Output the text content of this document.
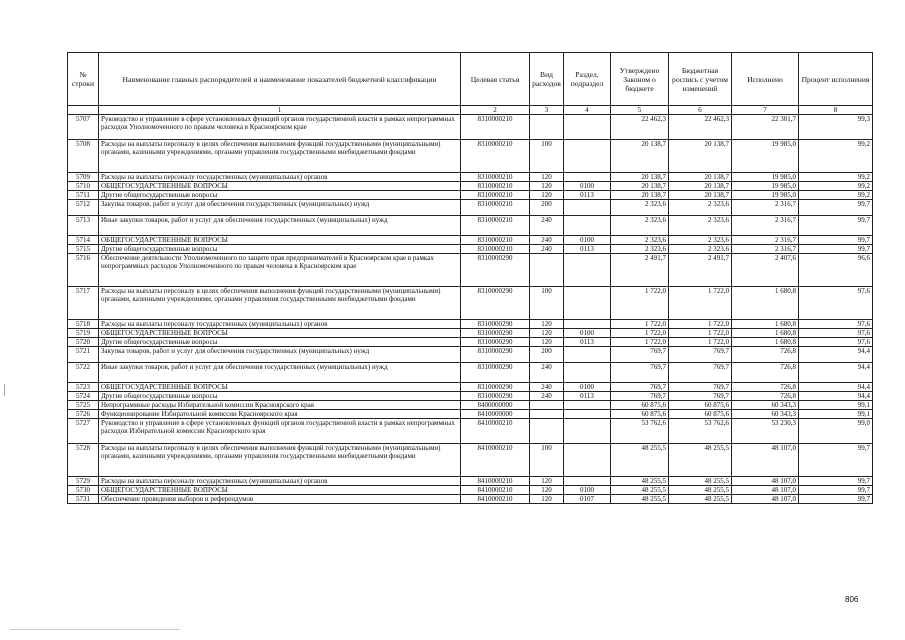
№ строки	Наименование главных распорядителей и наименование показателей бюджетной классификации	Целевая статья	Вид расходов	Раздел, подраздел	Утверждено Законом о бюджете	Бюджетная роспись с учетом изменений	Исполнено	Процент исполнения
	1	2	3	4	5	6	7	8
5707	Руководство и управление в сфере установленных функций органов государственной власти в рамках непрограммных расходов Уполномоченного по правам человека в Красноярском крае	8310000210			22 462,3	22 462,3	22 301,7	99,3
5708	Расходы на выплаты персоналу в целях обеспечения выполнения функций государственными (муниципальными) органами, казенными учреждениями, органами управления государственными внебюджетными фондами	8310000210	100		20 138,7	20 138,7	19 985,0	99,2
5709	Расходы на выплаты персоналу государственных (муниципальных) органов	8310000210	120		20 138,7	20 138,7	19 985,0	99,2
5710	ОБЩЕГОСУДАРСТВЕННЫЕ ВОПРОСЫ	8310000210	120	0100	20 138,7	20 138,7	19 985,0	99,2
5711	Другие общегосударственные вопросы	8310000210	120	0113	20 138,7	20 138,7	19 985,0	99,2
5712	Закупка товаров, работ и услуг для обеспечения государственных (муниципальных) нужд	8310000210	200		2 323,6	2 323,6	2 316,7	99,7
5713	Иные закупки товаров, работ и услуг для обеспечения государственных (муниципальных) нужд	8310000210	240		2 323,6	2 323,6	2 316,7	99,7
5714	ОБЩЕГОСУДАРСТВЕННЫЕ ВОПРОСЫ	8310000210	240	0100	2 323,6	2 323,6	2 316,7	99,7
5715	Другие общегосударственные вопросы	8310000210	240	0113	2 323,6	2 323,6	2 316,7	99,7
5716	Обеспечение деятельности Уполномоченного по защите прав предпринимателей в Красноярском крае в рамках непрограммных расходов Уполномоченного по правам человека в Красноярском крае	8310000290			2 491,7	2 491,7	2 407,6	96,6
5717	Расходы на выплаты персоналу в целях обеспечения выполнения функций государственными (муниципальными) органами, казенными учреждениями, органами управления государственными внебюджетными фондами	8310000290	100		1 722,0	1 722,0	1 680,8	97,6
5718	Расходы на выплаты персоналу государственных (муниципальных) органов	8310000290	120		1 722,0	1 722,0	1 680,8	97,6
5719	ОБЩЕГОСУДАРСТВЕННЫЕ ВОПРОСЫ	8310000290	120	0100	1 722,0	1 722,0	1 680,8	97,6
5720	Другие общегосударственные вопросы	8310000290	120	0113	1 722,0	1 722,0	1 680,8	97,6
5721	Закупка товаров, работ и услуг для обеспечения государственных (муниципальных) нужд	8310000290	200		769,7	769,7	726,8	94,4
5722	Иные закупки товаров, работ и услуг для обеспечения государственных (муниципальных) нужд	8310000290	240		769,7	769,7	726,8	94,4
5723	ОБЩЕГОСУДАРСТВЕННЫЕ ВОПРОСЫ	8310000290	240	0100	769,7	769,7	726,8	94,4
5724	Другие общегосударственные вопросы	8310000290	240	0113	769,7	769,7	726,8	94,4
5725	Непрограммные расходы Избирательной комиссии Красноярского края	8400000000			60 875,6	60 875,6	60 343,3	99,1
5726	Функционирование Избирательной комиссии Красноярского края	8410000000			60 875,6	60 875,6	60 343,3	99,1
5727	Руководство и управление в сфере установленных функций органов государственной власти в рамках непрограммных расходов Избирательной комиссии Красноярского края	8410000210			53 762,6	53 762,6	53 230,3	99,0
5728	Расходы на выплаты персоналу в целях обеспечения выполнения функций государственными (муниципальными) органами, казенными учреждениями, органами управления государственными внебюджетными фондами	8410000210	100		48 255,5	48 255,5	48 107,0	99,7
5729	Расходы на выплаты персоналу государственных (муниципальных) органов	8410000210	120		48 255,5	48 255,5	48 107,0	99,7
5730	ОБЩЕГОСУДАРСТВЕННЫЕ ВОПРОСЫ	8410000210	120	0100	48 255,5	48 255,5	48 107,0	99,7
5731	Обеспечение проведения выборов и референдумов	8410000210	120	0107	48 255,5	48 255,5	48 107,0	99,7
806
